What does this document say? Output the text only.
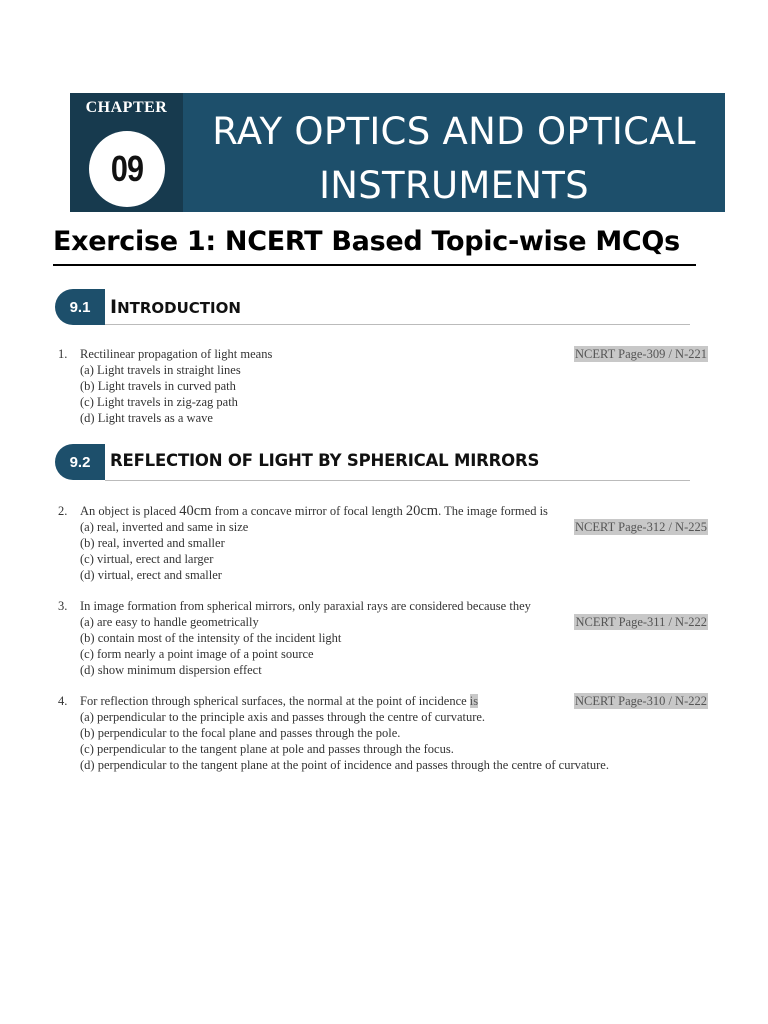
CHAPTER
09
RAY OPTICS AND OPTICAL
INSTRUMENTS
Exercise 1: NCERT Based Topic-wise MCQs
9.1	INTRODUCTION
1. Rectilinear propagation of light means	NCERT Page-309 / N-221
(a) Light travels in straight lines
(b) Light travels in curved path
(c) Light travels in zig-zag path
(d) Light travels as a wave
9.2	REFLECTION OF LIGHT BY SPHERICAL MIRRORS
2. An object is placed 40cm from a concave mirror of focal length 20cm. The image formed is
(a) real, inverted and same in size	NCERT Page-312 / N-225
(b) real, inverted and smaller
(c) virtual, erect and larger
(d) virtual, erect and smaller
3. In image formation from spherical mirrors, only paraxial rays are considered because they
(a) are easy to handle geometrically	NCERT Page-311 / N-222
(b) contain most of the intensity of the incident light
(c) form nearly a point image of a point source
(d) show minimum dispersion effect
4. For reflection through spherical surfaces, the normal at the point of incidence is	NCERT Page-310 / N-222
(a) perpendicular to the principle axis and passes through the centre of curvature.
(b) perpendicular to the focal plane and passes through the pole.
(c) perpendicular to the tangent plane at pole and passes through the focus.
(d) perpendicular to the tangent plane at the point of incidence and passes through the centre of curvature.
